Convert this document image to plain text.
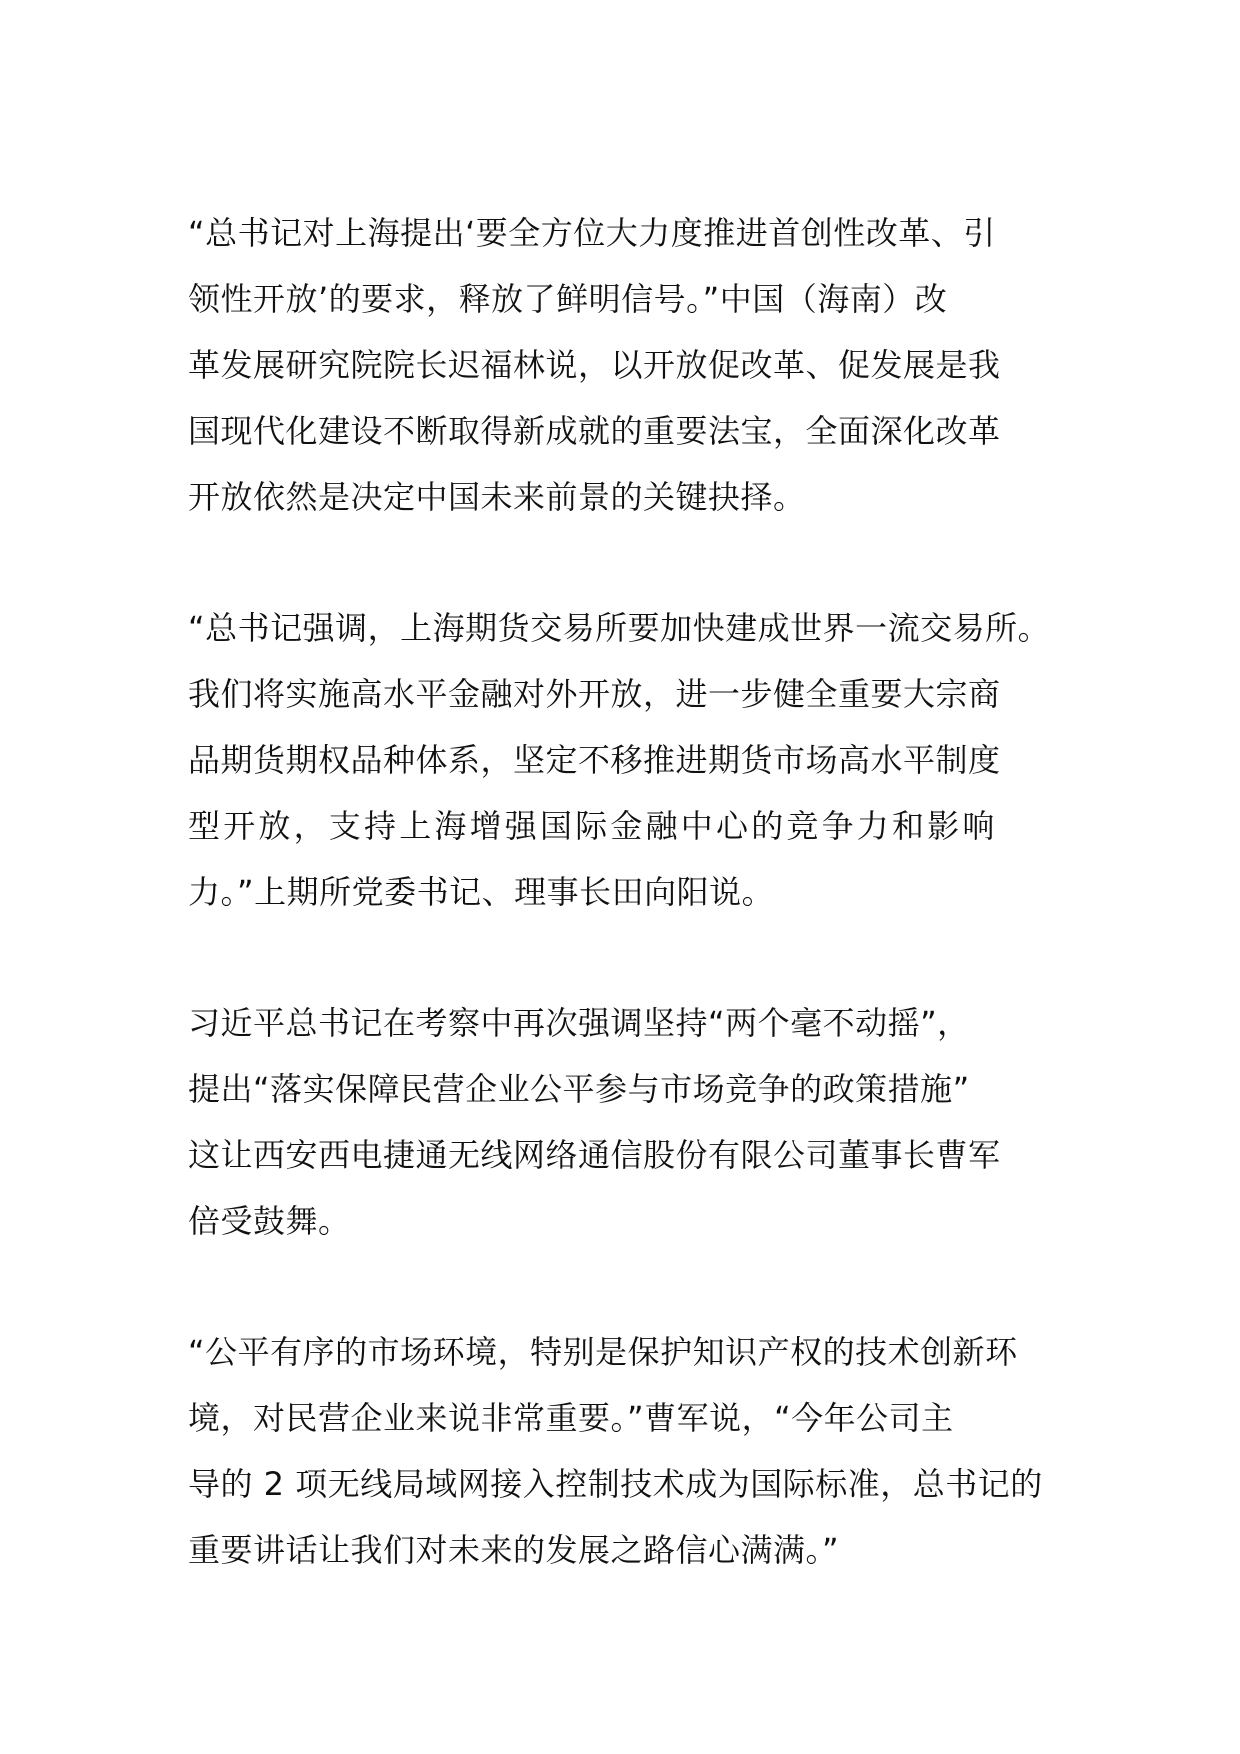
“总书记对上海提出‘要全方位大力度推进首创性改革、引
领性开放’的要求，释放了鲜明信号。”中国（海南）改
革发展研究院院长迟福林说，以开放促改革、促发展是我
国现代化建设不断取得新成就的重要法宝，全面深化改革
开放依然是决定中国未来前景的关键抉择。

“总书记强调，上海期货交易所要加快建成世界一流交易所。
我们将实施高水平金融对外开放，进一步健全重要大宗商
品期货期权品种体系，坚定不移推进期货市场高水平制度
型开放，支持上海增强国际金融中心的竞争力和影响
力。”上期所党委书记、理事长田向阳说。

习近平总书记在考察中再次强调坚持“两个毫不动摇”，
提出“落实保障民营企业公平参与市场竞争的政策措施”
这让西安西电捷通无线网络通信股份有限公司董事长曹军
倍受鼓舞。

“公平有序的市场环境，特别是保护知识产权的技术创新环
境，对民营企业来说非常重要。”曹军说，“今年公司主
导的 2 项无线局域网接入控制技术成为国际标准，总书记的
重要讲话让我们对未来的发展之路信心满满。”
